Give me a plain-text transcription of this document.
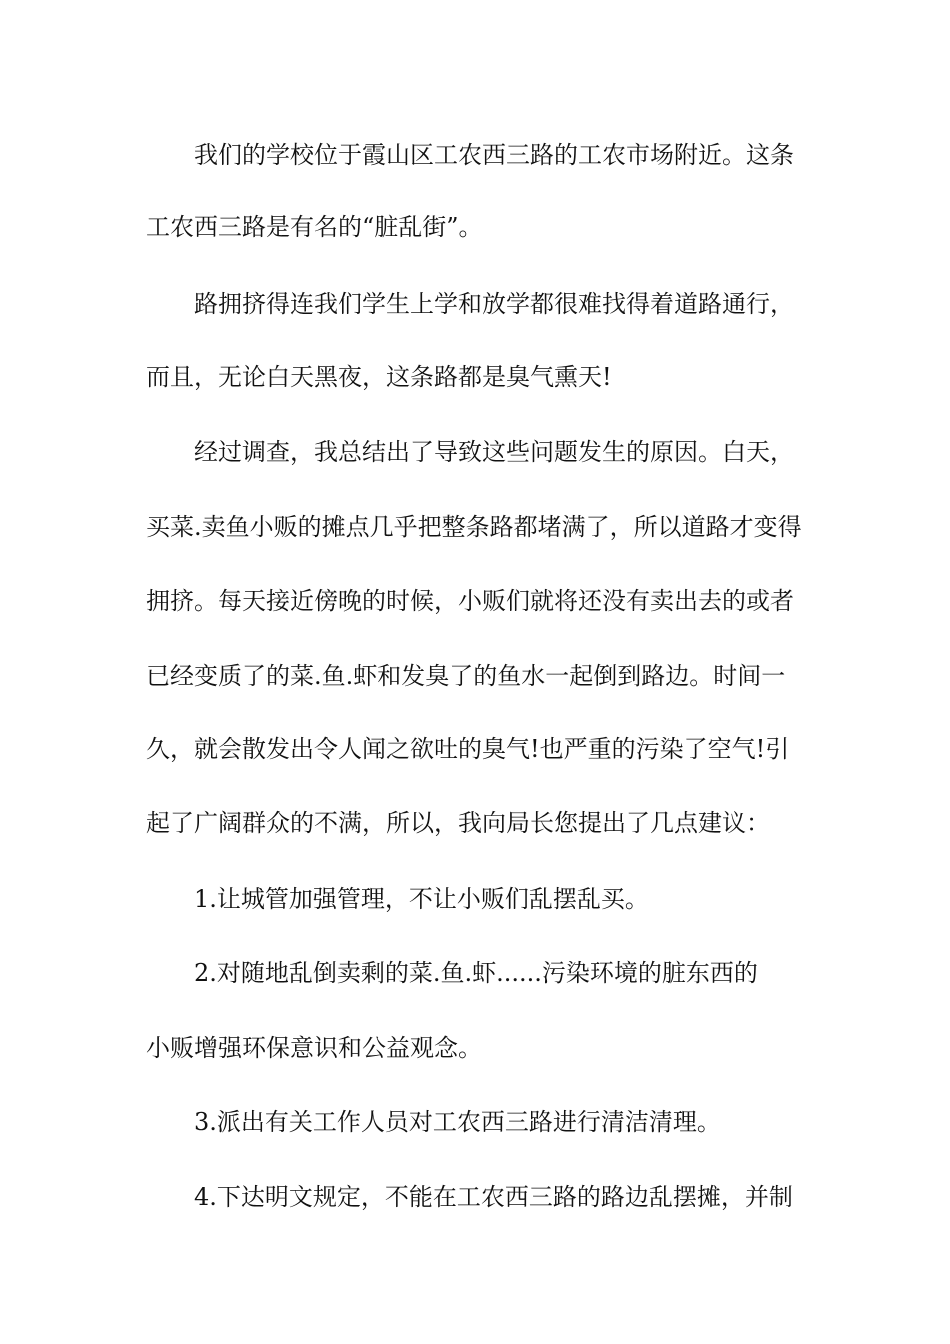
我们的学校位于霞山区工农西三路的工农市场附近。这条
工农西三路是有名的“脏乱街”。
路拥挤得连我们学生上学和放学都很难找得着道路通行，
而且，无论白天黑夜，这条路都是臭气熏天!
经过调查，我总结出了导致这些问题发生的原因。白天，
买菜.卖鱼小贩的摊点几乎把整条路都堵满了，所以道路才变得
拥挤。每天接近傍晚的时候，小贩们就将还没有卖出去的或者
已经变质了的菜.鱼.虾和发臭了的鱼水一起倒到路边。时间一
久，就会散发出令人闻之欲吐的臭气!也严重的污染了空气!引
起了广阔群众的不满，所以，我向局长您提出了几点建议：
1.让城管加强管理，不让小贩们乱摆乱买。
2.对随地乱倒卖剩的菜.鱼.虾......污染环境的脏东西的
小贩增强环保意识和公益观念。
3.派出有关工作人员对工农西三路进行清洁清理。
4.下达明文规定，不能在工农西三路的路边乱摆摊，并制
